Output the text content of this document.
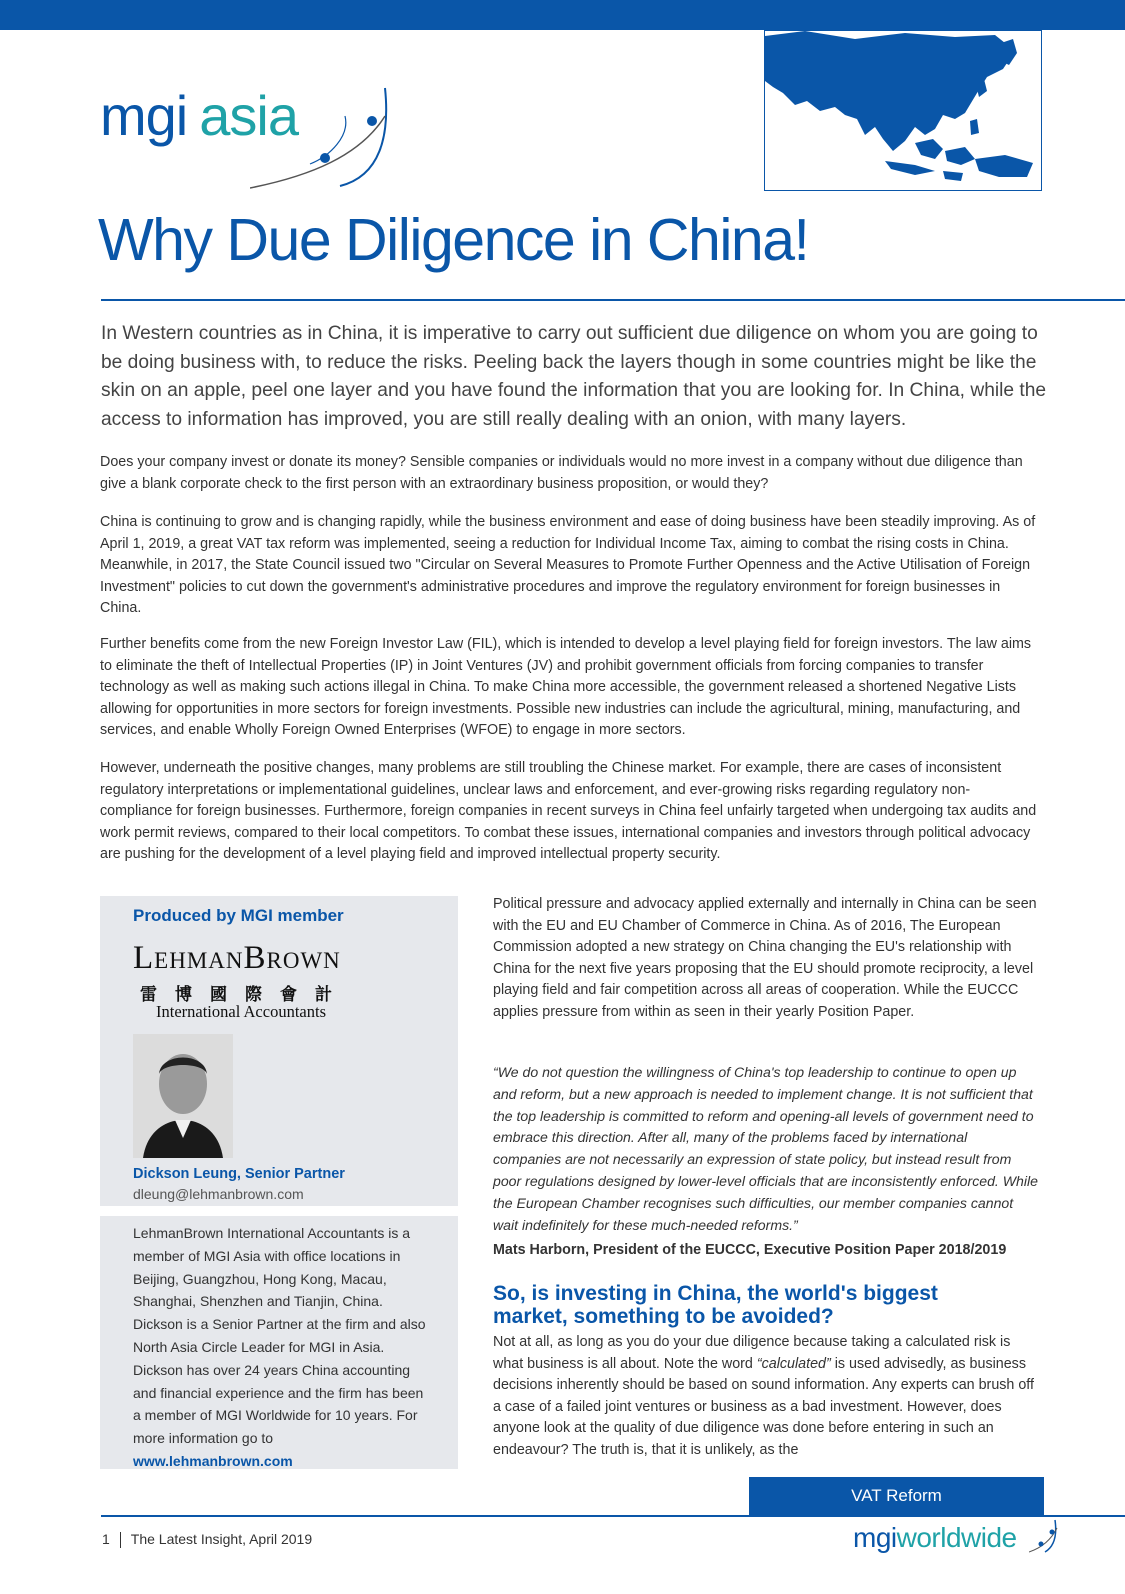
mgi asia
Why Due Diligence in China!

In Western countries as in China, it is imperative to carry out sufficient due diligence on whom you are going to be doing business with, to reduce the risks. Peeling back the layers though in some countries might be like the skin on an apple, peel one layer and you have found the information that you are looking for. In China, while the access to information has improved, you are still really dealing with an onion, with many layers.

Does your company invest or donate its money? Sensible companies or individuals would no more invest in a company without due diligence than give a blank corporate check to the first person with an extraordinary business proposition, or would they?

China is continuing to grow and is changing rapidly, while the business environment and ease of doing business have been steadily improving. As of April 1, 2019, a great VAT tax reform was implemented, seeing a reduction for Individual Income Tax, aiming to combat the rising costs in China. Meanwhile, in 2017, the State Council issued two "Circular on Several Measures to Promote Further Openness and the Active Utilisation of Foreign Investment" policies to cut down the government's administrative procedures and improve the regulatory environment for foreign businesses in China.

Further benefits come from the new Foreign Investor Law (FIL), which is intended to develop a level playing field for foreign investors. The law aims to eliminate the theft of Intellectual Properties (IP) in Joint Ventures (JV) and prohibit government officials from forcing companies to transfer technology as well as making such actions illegal in China. To make China more accessible, the government released a shortened Negative Lists allowing for opportunities in more sectors for foreign investments. Possible new industries can include the agricultural, mining, manufacturing, and services, and enable Wholly Foreign Owned Enterprises (WFOE) to engage in more sectors.

However, underneath the positive changes, many problems are still troubling the Chinese market. For example, there are cases of inconsistent regulatory interpretations or implementational guidelines, unclear laws and enforcement, and ever-growing risks regarding regulatory non-compliance for foreign businesses. Furthermore, foreign companies in recent surveys in China feel unfairly targeted when undergoing tax audits and work permit reviews, compared to their local competitors. To combat these issues, international companies and investors through political advocacy are pushing for the development of a level playing field and improved intellectual property security.

Produced by MGI member
LehmanBrown
雷博國際會計
International Accountants
Dickson Leung, Senior Partner
dleung@lehmanbrown.com

LehmanBrown International Accountants is a member of MGI Asia with office locations in Beijing, Guangzhou, Hong Kong, Macau, Shanghai, Shenzhen and Tianjin, China. Dickson is a Senior Partner at the firm and also North Asia Circle Leader for MGI in Asia. Dickson has over 24 years China accounting and financial experience and the firm has been a member of MGI Worldwide for 10 years. For more information go to www.lehmanbrown.com

Political pressure and advocacy applied externally and internally in China can be seen with the EU and EU Chamber of Commerce in China. As of 2016, The European Commission adopted a new strategy on China changing the EU's relationship with China for the next five years proposing that the EU should promote reciprocity, a level playing field and fair competition across all areas of cooperation. While the EUCCC applies pressure from within as seen in their yearly Position Paper.

“We do not question the willingness of China's top leadership to continue to open up and reform, but a new approach is needed to implement change. It is not sufficient that the top leadership is committed to reform and opening-all levels of government need to embrace this direction. After all, many of the problems faced by international companies are not necessarily an expression of state policy, but instead result from poor regulations designed by lower-level officials that are inconsistently enforced. While the European Chamber recognises such difficulties, our member companies cannot wait indefinitely for these much-needed reforms.”

Mats Harborn, President of the EUCCC, Executive Position Paper 2018/2019

So, is investing in China, the world's biggest market, something to be avoided?

Not at all, as long as you do your due diligence because taking a calculated risk is what business is all about. Note the word “calculated” is used advisedly, as business decisions inherently should be based on sound information. Any experts can brush off a case of a failed joint ventures or business as a bad investment. However, does anyone look at the quality of due diligence was done before entering in such an endeavour? The truth is, that it is unlikely, as the

VAT Reform
1 The Latest Insight, April 2019	mgiworldwide
